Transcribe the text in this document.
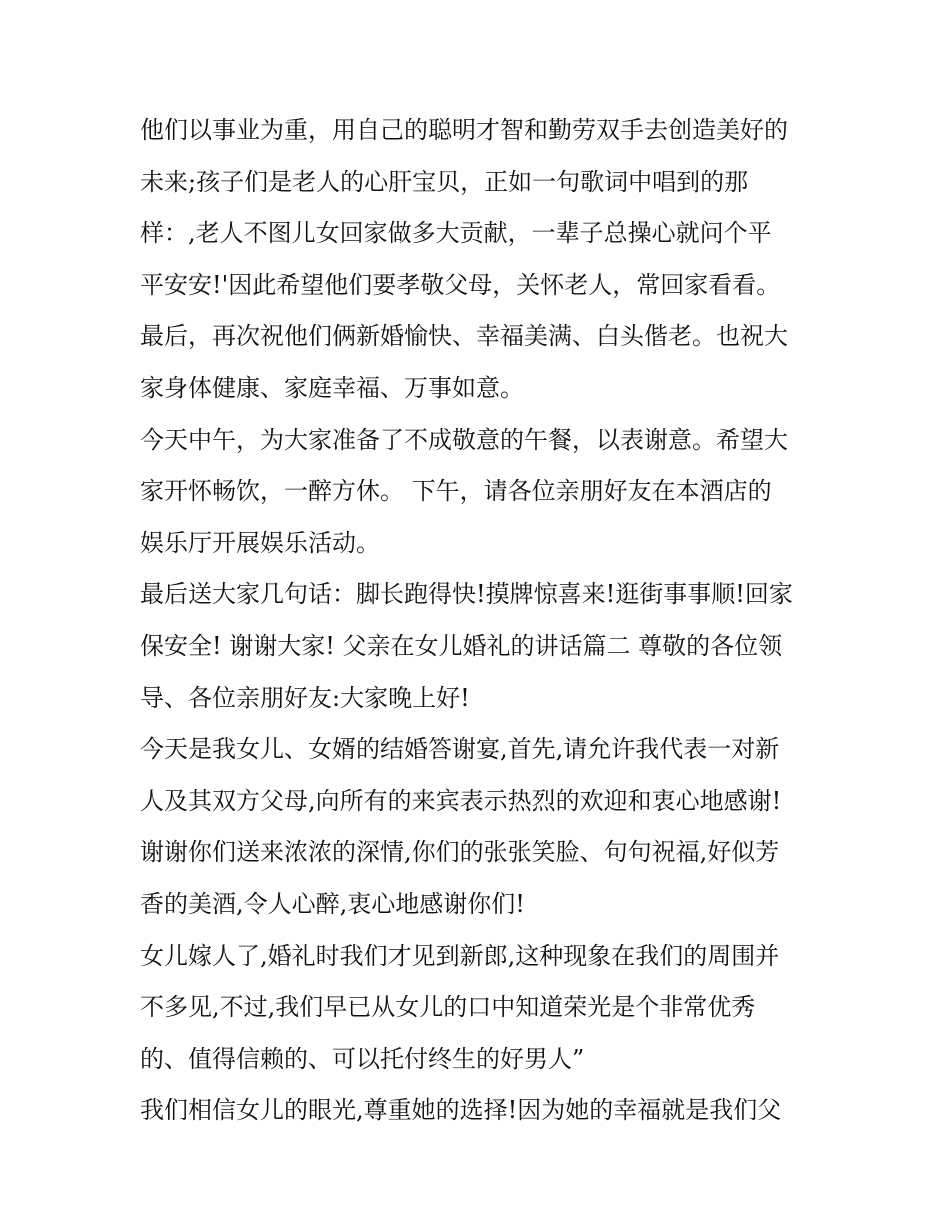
他们以事业为重，用自己的聪明才智和勤劳双手去创造美好的
未来;孩子们是老人的心肝宝贝，正如一句歌词中唱到的那
样：,老人不图儿女回家做多大贡献，一辈子总操心就问个平
平安安!'因此希望他们要孝敬父母，关怀老人，常回家看看。
最后，再次祝他们俩新婚愉快、幸福美满、白头偕老。也祝大
家身体健康、家庭幸福、万事如意。
今天中午，为大家准备了不成敬意的午餐，以表谢意。希望大
家开怀畅饮，一醉方休。 下午，请各位亲朋好友在本酒店的
娱乐厅开展娱乐活动。
最后送大家几句话：脚长跑得快!摸牌惊喜来!逛街事事顺!回家
保安全! 谢谢大家! 父亲在女儿婚礼的讲话篇二 尊敬的各位领
导、各位亲朋好友:大家晚上好!
今天是我女儿、女婿的结婚答谢宴,首先,请允许我代表一对新
人及其双方父母,向所有的来宾表示热烈的欢迎和衷心地感谢!
谢谢你们送来浓浓的深情,你们的张张笑脸、句句祝福,好似芳
香的美酒,令人心醉,衷心地感谢你们!
女儿嫁人了,婚礼时我们才见到新郎,这种现象在我们的周围并
不多见,不过,我们早已从女儿的口中知道荣光是个非常优秀
的、值得信赖的、可以托付终生的好男人”
我们相信女儿的眼光,尊重她的选择!因为她的幸福就是我们父
